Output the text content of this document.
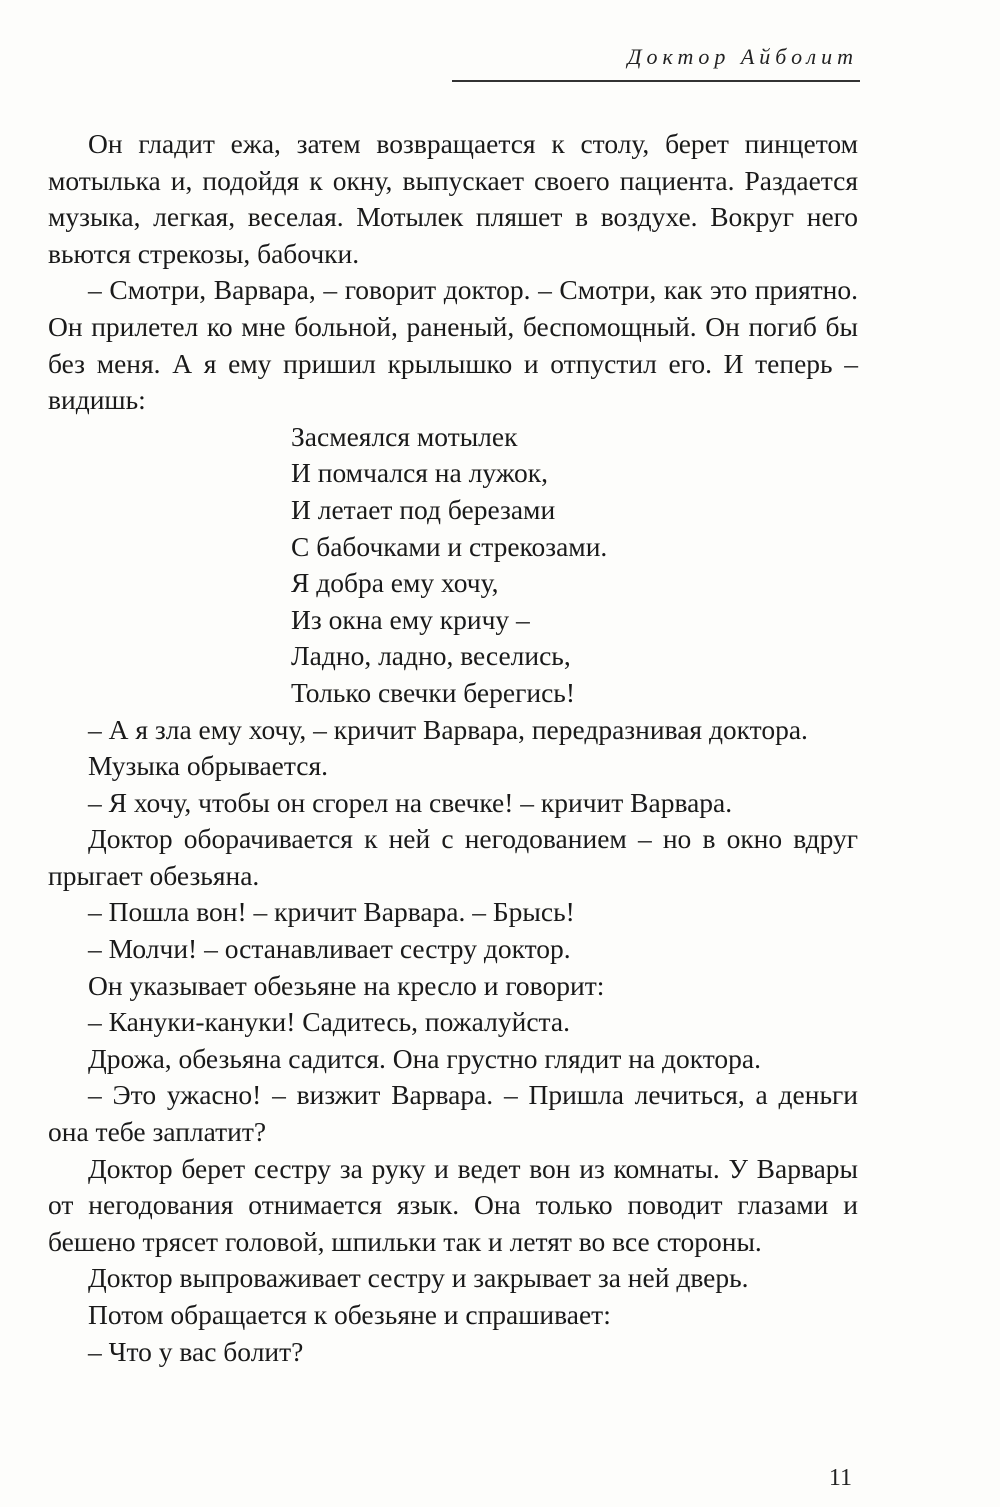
Доктор Айболит

Он гладит ежа, затем возвращается к столу, берет пинцетом мотылька и, подойдя к окну, выпускает своего пациента. Раздается музыка, легкая, веселая. Мотылек пляшет в воздухе. Вокруг него вьются стрекозы, бабочки.

– Смотри, Варвара, – говорит доктор. – Смотри, как это приятно. Он прилетел ко мне больной, раненый, беспомощный. Он погиб бы без меня. А я ему пришил крылышко и отпустил его. И теперь – видишь:

Засмеялся мотылек
И помчался на лужок,
И летает под березами
С бабочками и стрекозами.
Я добра ему хочу,
Из окна ему кричу –
Ладно, ладно, веселись,
Только свечки берегись!

– А я зла ему хочу, – кричит Варвара, передразнивая доктора.

Музыка обрывается.

– Я хочу, чтобы он сгорел на свечке! – кричит Варвара.

Доктор оборачивается к ней с негодованием – но в окно вдруг прыгает обезьяна.

– Пошла вон! – кричит Варвара. – Брысь!

– Молчи! – останавливает сестру доктор.

Он указывает обезьяне на кресло и говорит:

– Кануки-кануки! Садитесь, пожалуйста.

Дрожа, обезьяна садится. Она грустно глядит на доктора.

– Это ужасно! – визжит Варвара. – Пришла лечиться, а деньги она тебе заплатит?

Доктор берет сестру за руку и ведет вон из комнаты. У Варвары от негодования отнимается язык. Она только поводит глазами и бешено трясет головой, шпильки так и летят во все стороны.

Доктор выпроваживает сестру и закрывает за ней дверь.

Потом обращается к обезьяне и спрашивает:

– Что у вас болит?

11
